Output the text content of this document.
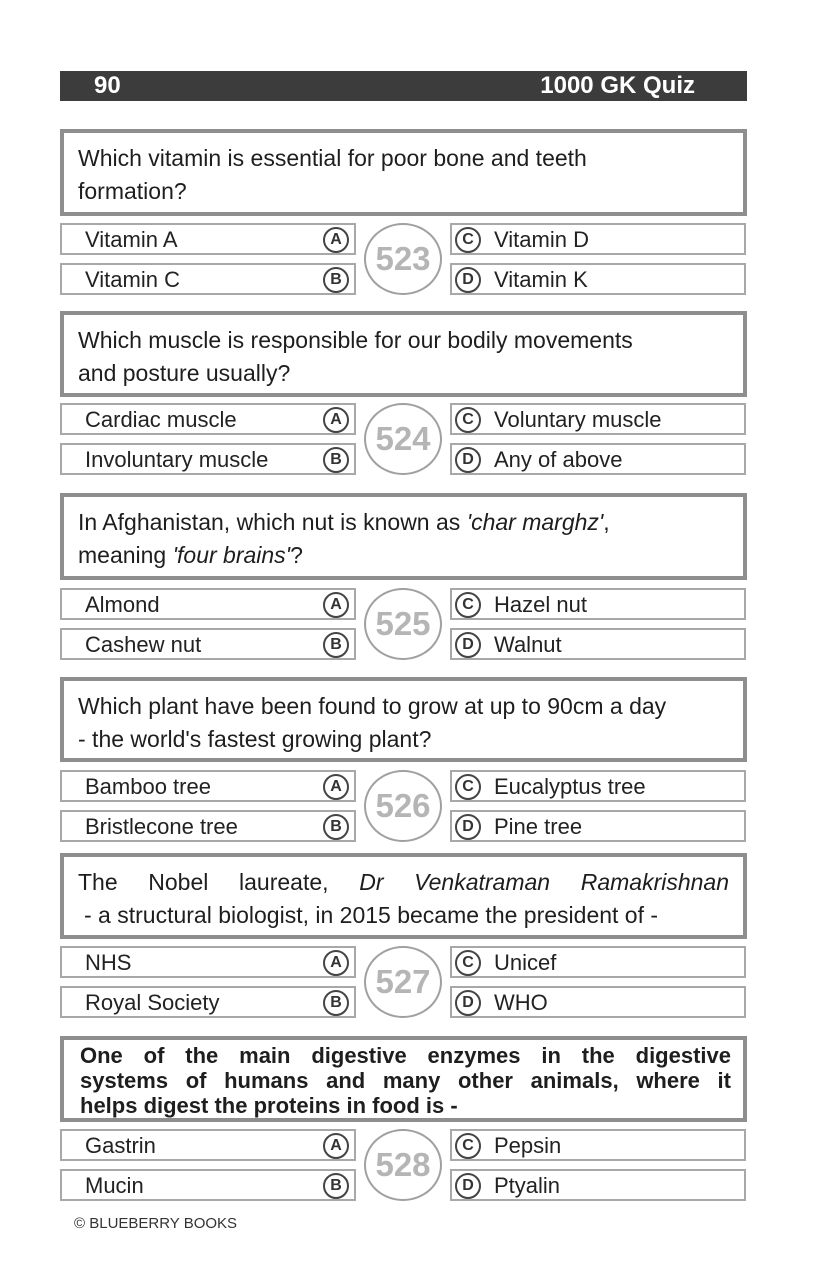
90	1000 GK Quiz
Which vitamin is essential for poor bone and teeth
formation?
Vitamin A	A
Vitamin C	B
C Vitamin D
D Vitamin K
523
Which muscle is responsible for our bodily movements
and posture usually?
Cardiac muscle	A
Involuntary muscle	B
C Voluntary muscle
D Any of above
524
In Afghanistan, which nut is known as 'char marghz',
meaning 'four brains'?
Almond	A
Cashew nut	B
C Hazel nut
D Walnut
525
Which plant have been found to grow at up to 90cm a day
- the world's fastest growing plant?
Bamboo tree	A
Bristlecone tree	B
C Eucalyptus tree
D Pine tree
526
The Nobel laureate, Dr Venkatraman Ramakrishnan
- a structural biologist, in 2015 became the president of -
NHS	A
Royal Society	B
C Unicef
D WHO
527
One of the main digestive enzymes in the digestive
systems of humans and many other animals, where it
helps digest the proteins in food is -
Gastrin	A
Mucin	B
C Pepsin
D Ptyalin
528
© BLUEBERRY BOOKS
